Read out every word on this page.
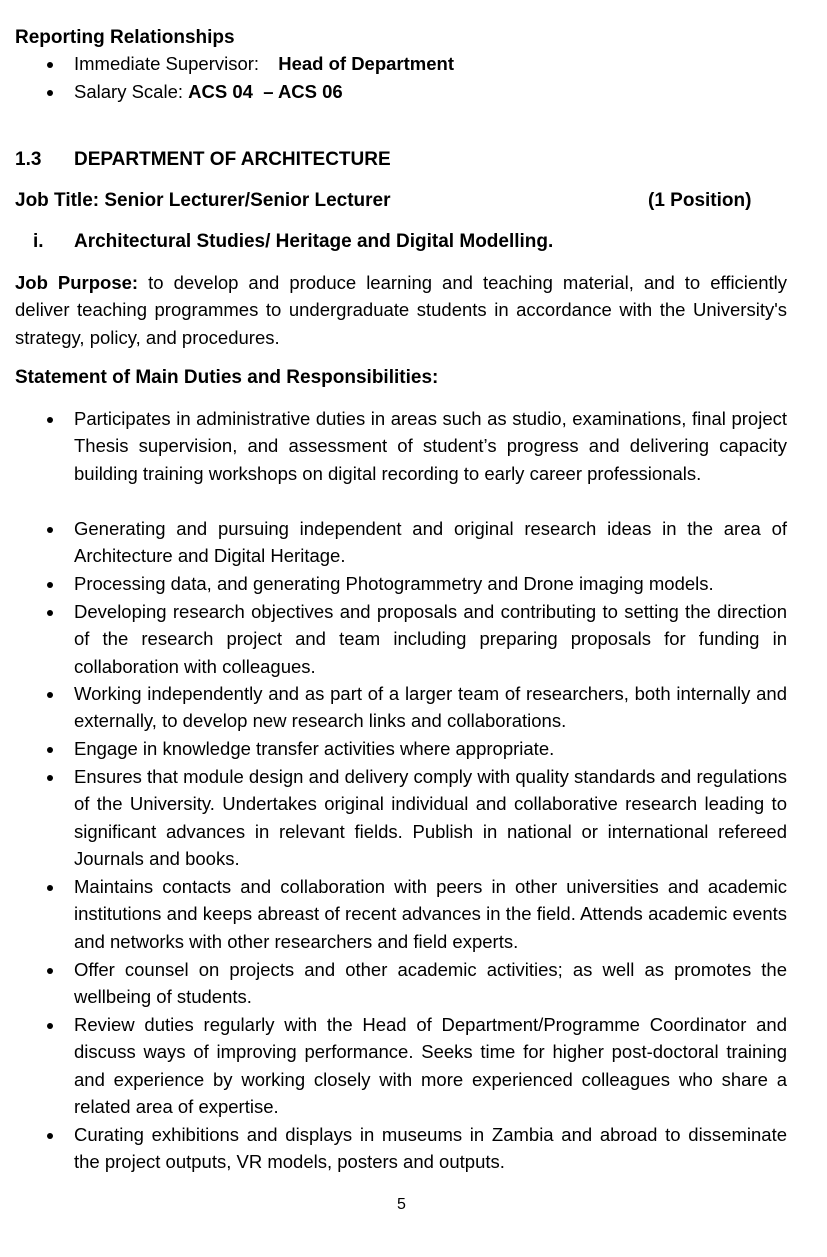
Reporting Relationships
Immediate Supervisor: Head of Department
Salary Scale: ACS 04  – ACS 06
1.3 DEPARTMENT OF ARCHITECTURE
Job Title: Senior Lecturer/Senior Lecturer	(1 Position)
i. Architectural Studies/ Heritage and Digital Modelling.
Job Purpose: to develop and produce learning and teaching material, and to efficiently deliver teaching programmes to undergraduate students in accordance with the University's strategy, policy, and procedures.
Statement of Main Duties and Responsibilities:
Participates in administrative duties in areas such as studio, examinations, final project Thesis supervision, and assessment of student’s progress and delivering capacity building training workshops on digital recording to early career professionals.
Generating and pursuing independent and original research ideas in the area of Architecture and Digital Heritage.
Processing data, and generating Photogrammetry and Drone imaging models.
Developing research objectives and proposals and contributing to setting the direction of the research project and team including preparing proposals for funding in collaboration with colleagues.
Working independently and as part of a larger team of researchers, both internally and externally, to develop new research links and collaborations.
Engage in knowledge transfer activities where appropriate.
Ensures that module design and delivery comply with quality standards and regulations of the University. Undertakes original individual and collaborative research leading to significant advances in relevant fields. Publish in national or international refereed Journals and books.
Maintains contacts and collaboration with peers in other universities and academic institutions and keeps abreast of recent advances in the field. Attends academic events and networks with other researchers and field experts.
Offer counsel on projects and other academic activities; as well as promotes the wellbeing of students.
Review duties regularly with the Head of Department/Programme Coordinator and discuss ways of improving performance. Seeks time for higher post-doctoral training and experience by working closely with more experienced colleagues who share a related area of expertise.
Curating exhibitions and displays in museums in Zambia and abroad to disseminate the project outputs, VR models, posters and outputs.
5
